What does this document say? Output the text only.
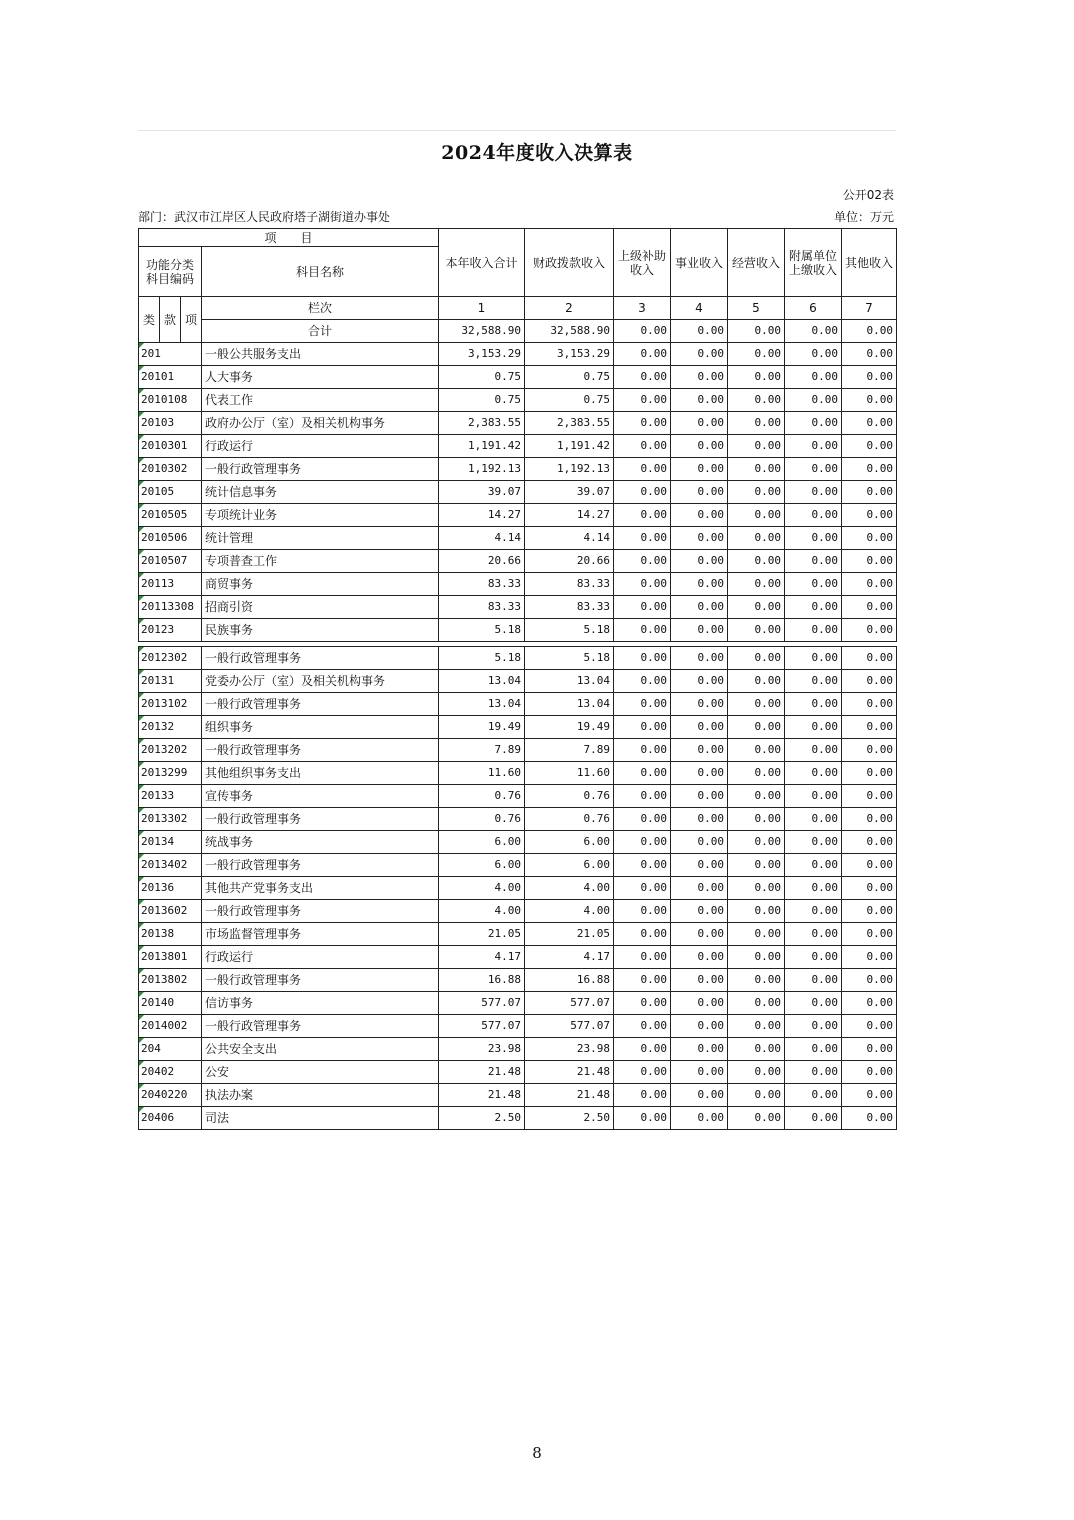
2024年度收入决算表
公开02表
部门：武汉市江岸区人民政府塔子湖街道办事处	单位：万元
项　　目				本年收入合计	财政拨款收入	上级补助收入	事业收入	经营收入	附属单位上缴收入	其他收入
功能分类科目编码			科目名称							
类	款	项	栏次	1	2	3	4	5	6	7
			合计	32,588.90	32,588.90	0.00	0.00	0.00	0.00	0.00
201			一般公共服务支出	3,153.29	3,153.29	0.00	0.00	0.00	0.00	0.00
20101			人大事务	0.75	0.75	0.00	0.00	0.00	0.00	0.00
2010108			代表工作	0.75	0.75	0.00	0.00	0.00	0.00	0.00
20103			政府办公厅（室）及相关机构事务	2,383.55	2,383.55	0.00	0.00	0.00	0.00	0.00
2010301			行政运行	1,191.42	1,191.42	0.00	0.00	0.00	0.00	0.00
2010302			一般行政管理事务	1,192.13	1,192.13	0.00	0.00	0.00	0.00	0.00
20105			统计信息事务	39.07	39.07	0.00	0.00	0.00	0.00	0.00
2010505			专项统计业务	14.27	14.27	0.00	0.00	0.00	0.00	0.00
2010506			统计管理	4.14	4.14	0.00	0.00	0.00	0.00	0.00
2010507			专项普查工作	20.66	20.66	0.00	0.00	0.00	0.00	0.00
20113			商贸事务	83.33	83.33	0.00	0.00	0.00	0.00	0.00
20113308			招商引资	83.33	83.33	0.00	0.00	0.00	0.00	0.00
20123			民族事务	5.18	5.18	0.00	0.00	0.00	0.00	0.00
2012302	一般行政管理事务	5.18	5.18	0.00	0.00	0.00	0.00	0.00
20131	党委办公厅（室）及相关机构事务	13.04	13.04	0.00	0.00	0.00	0.00	0.00
2013102	一般行政管理事务	13.04	13.04	0.00	0.00	0.00	0.00	0.00
20132	组织事务	19.49	19.49	0.00	0.00	0.00	0.00	0.00
2013202	一般行政管理事务	7.89	7.89	0.00	0.00	0.00	0.00	0.00
2013299	其他组织事务支出	11.60	11.60	0.00	0.00	0.00	0.00	0.00
20133	宣传事务	0.76	0.76	0.00	0.00	0.00	0.00	0.00
2013302	一般行政管理事务	0.76	0.76	0.00	0.00	0.00	0.00	0.00
20134	统战事务	6.00	6.00	0.00	0.00	0.00	0.00	0.00
2013402	一般行政管理事务	6.00	6.00	0.00	0.00	0.00	0.00	0.00
20136	其他共产党事务支出	4.00	4.00	0.00	0.00	0.00	0.00	0.00
2013602	一般行政管理事务	4.00	4.00	0.00	0.00	0.00	0.00	0.00
20138	市场监督管理事务	21.05	21.05	0.00	0.00	0.00	0.00	0.00
2013801	行政运行	4.17	4.17	0.00	0.00	0.00	0.00	0.00
2013802	一般行政管理事务	16.88	16.88	0.00	0.00	0.00	0.00	0.00
20140	信访事务	577.07	577.07	0.00	0.00	0.00	0.00	0.00
2014002	一般行政管理事务	577.07	577.07	0.00	0.00	0.00	0.00	0.00
204	公共安全支出	23.98	23.98	0.00	0.00	0.00	0.00	0.00
20402	公安	21.48	21.48	0.00	0.00	0.00	0.00	0.00
2040220	执法办案	21.48	21.48	0.00	0.00	0.00	0.00	0.00
20406	司法	2.50	2.50	0.00	0.00	0.00	0.00	0.00
8
